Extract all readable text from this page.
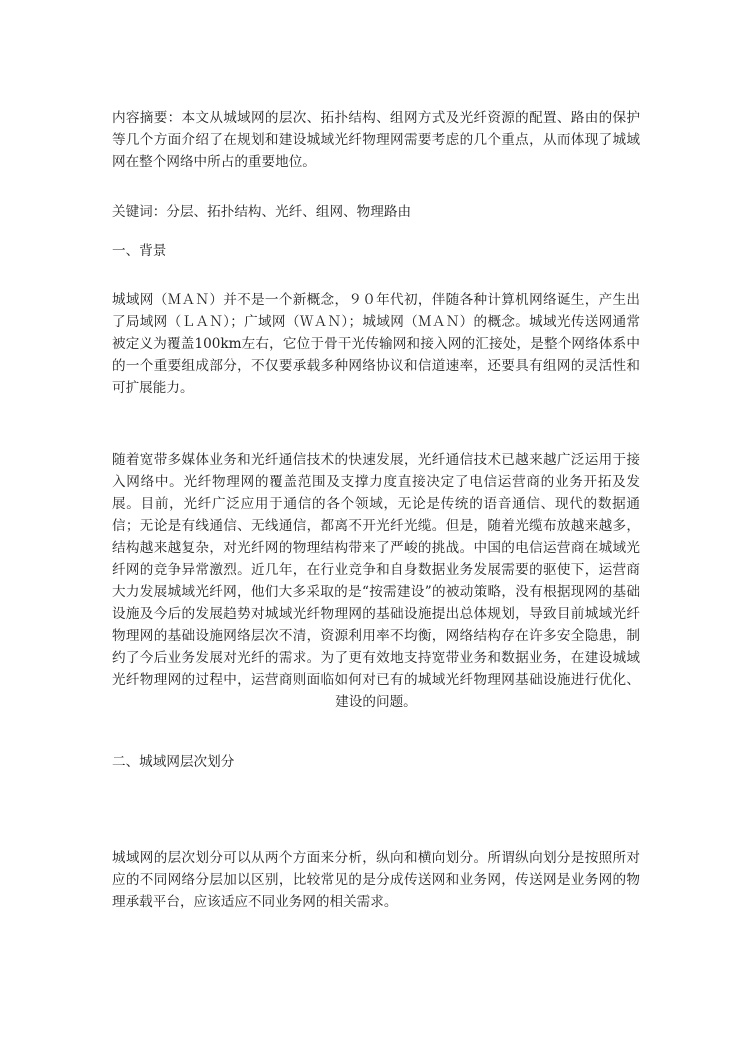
内容摘要：本文从城域网的层次、拓扑结构、组网方式及光纤资源的配置、路由的保护等几个方面介绍了在规划和建设城域光纤物理网需要考虑的几个重点，从而体现了城域网在整个网络中所占的重要地位。

关键词：分层、拓扑结构、光纤、组网、物理路由

一、背景

城域网（ＭＡＮ）并不是一个新概念，９０年代初，伴随各种计算机网络诞生，产生出了局域网（ＬＡＮ）；广域网（ＷＡＮ）；城域网（ＭＡＮ）的概念。城域光传送网通常被定义为覆盖100km左右，它位于骨干光传输网和接入网的汇接处，是整个网络体系中的一个重要组成部分，不仅要承载多种网络协议和信道速率，还要具有组网的灵活性和可扩展能力。

随着宽带多媒体业务和光纤通信技术的快速发展，光纤通信技术已越来越广泛运用于接入网络中。光纤物理网的覆盖范围及支撑力度直接决定了电信运营商的业务开拓及发展。目前，光纤广泛应用于通信的各个领域，无论是传统的语音通信、现代的数据通信；无论是有线通信、无线通信，都离不开光纤光缆。但是，随着光缆布放越来越多，结构越来越复杂，对光纤网的物理结构带来了严峻的挑战。中国的电信运营商在城域光纤网的竞争异常激烈。近几年，在行业竞争和自身数据业务发展需要的驱使下，运营商大力发展城域光纤网，他们大多采取的是“按需建设”的被动策略，没有根据现网的基础设施及今后的发展趋势对城域光纤物理网的基础设施提出总体规划，导致目前城域光纤物理网的基础设施网络层次不清，资源利用率不均衡，网络结构存在许多安全隐患，制约了今后业务发展对光纤的需求。为了更有效地支持宽带业务和数据业务，在建设城域光纤物理网的过程中，运营商则面临如何对已有的城域光纤物理网基础设施进行优化、建设的问题。

二、城域网层次划分

城域网的层次划分可以从两个方面来分析，纵向和横向划分。所谓纵向划分是按照所对应的不同网络分层加以区别，比较常见的是分成传送网和业务网，传送网是业务网的物理承载平台，应该适应不同业务网的相关需求。
